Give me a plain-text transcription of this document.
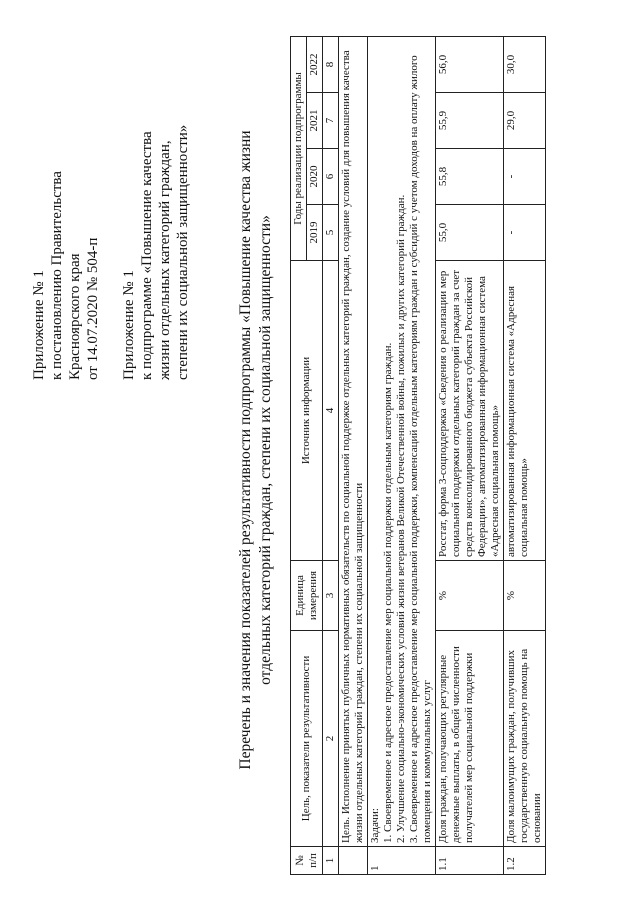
Приложение № 1 к постановлению Правительства Красноярского края от 14.07.2020 № 504-п Приложение № 1 к подпрограмме «Повышение качества жизни отдельных категорий граждан, степени их социальной защищенности»	Перечень и значения показателей результативности подпрограммы «Повышение качества жизни отдельных категорий граждан, степени их социальной защищенности»
№ п/п	Цель, показатели результативности	Единица измерения	Источник информации	Годы реализации подпрограммы			
				2019	2020	2021	2022
1	2	3	4	5	6	7	8
	Цель. Исполнение принятых публичных нормативных обязательств по социальной поддержке отдельных категорий граждан, создание условий для повышения качества жизни отдельных категорий граждан, степени их социальной защищенности						
1	Задачи: 1. Своевременное и адресное предоставление мер социальной поддержки отдельным категориям граждан. 2. Улучшение социально-экономических условий жизни ветеранов Великой Отечественной войны, пожилых и других категорий граждан. 3. Своевременное и адресное предоставление мер социальной поддержки, компенсаций отдельным категориям граждан и субсидий с учетом доходов на оплату жилого помещения и коммунальных услуг						

1.1	Доля граждан, получающих регулярные денежные выплаты, в общей численности получателей мер социальной поддержки	%	Росстат, форма 3-соцподдержка «Сведения о реализации мер социальной поддержки отдельных категорий граждан за счет средств консолидированного бюджета субъекта Российской Федерации», автоматизированная информационная система «Адресная социальная помощь»	55,0	55,8	55,9	56,0
1.2	Доля малоимущих граждан, получивших государственную социальную помощь на основании	%	автоматизированная информационная система «Адресная социальная помощь»	-	-	29,0	30,0
